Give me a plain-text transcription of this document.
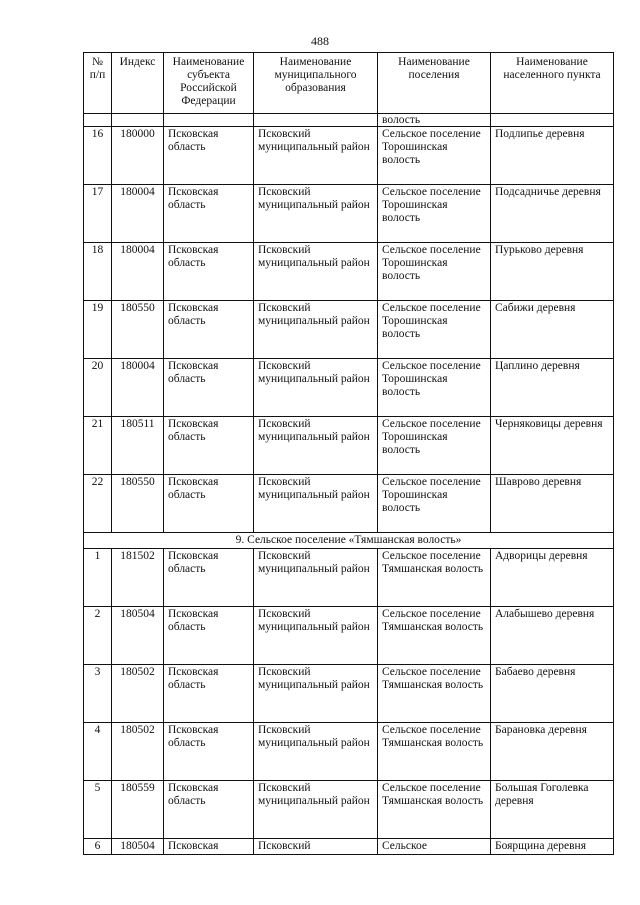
488
№ п/п	Индекс	Наименование субъекта Российской Федерации	Наименование муниципального образования	Наименование поселения	Наименование населенного пункта
				волость	
16	180000	Псковская область	Псковский муниципальный район	Сельское поселение Торошинская волость	Подлипье деревня
17	180004	Псковская область	Псковский муниципальный район	Сельское поселение Торошинская волость	Подсадничье деревня
18	180004	Псковская область	Псковский муниципальный район	Сельское поселение Торошинская волость	Пурьково деревня
19	180550	Псковская область	Псковский муниципальный район	Сельское поселение Торошинская волость	Сабижи деревня
20	180004	Псковская область	Псковский муниципальный район	Сельское поселение Торошинская волость	Цаплино деревня
21	180511	Псковская область	Псковский муниципальный район	Сельское поселение Торошинская волость	Черняковицы деревня
22	180550	Псковская область	Псковский муниципальный район	Сельское поселение Торошинская волость	Шаврово деревня
9. Сельское поселение «Тямшанская волость»					
1	181502	Псковская область	Псковский муниципальный район	Сельское поселение Тямшанская волость	Адворицы деревня
2	180504	Псковская область	Псковский муниципальный район	Сельское поселение Тямшанская волость	Алабышево деревня
3	180502	Псковская область	Псковский муниципальный район	Сельское поселение Тямшанская волость	Бабаево деревня
4	180502	Псковская область	Псковский муниципальный район	Сельское поселение Тямшанская волость	Барановка деревня
5	180559	Псковская область	Псковский муниципальный район	Сельское поселение Тямшанская волость	Большая Гоголевка деревня
6	180504	Псковская	Псковский	Сельское	Боярщина деревня
